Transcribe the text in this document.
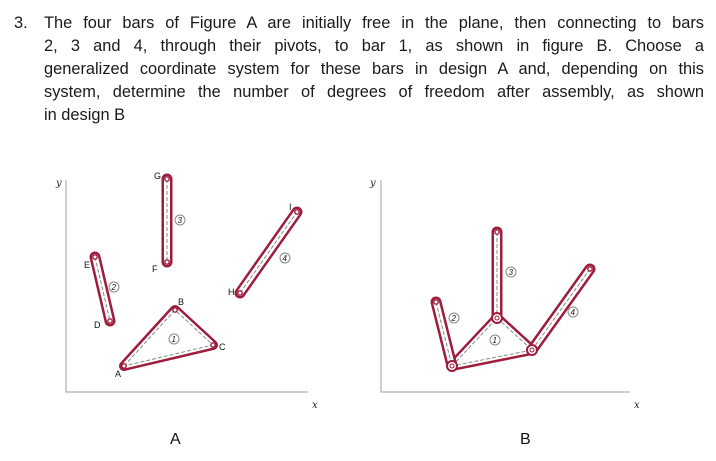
3. The four bars of Figure A are initially free in the plane, then connecting to bars
2, 3 and 4, through their pivots, to bar 1, as shown in figure B. Choose a
generalized coordinate system for these bars in design A and, depending on this
system, determine the number of degrees of freedom after assembly, as shown
in design B
y
x
2
E
D
3
G
F
1
A
B
C
4
H
I
A
y
x
1
2
3
4
B
